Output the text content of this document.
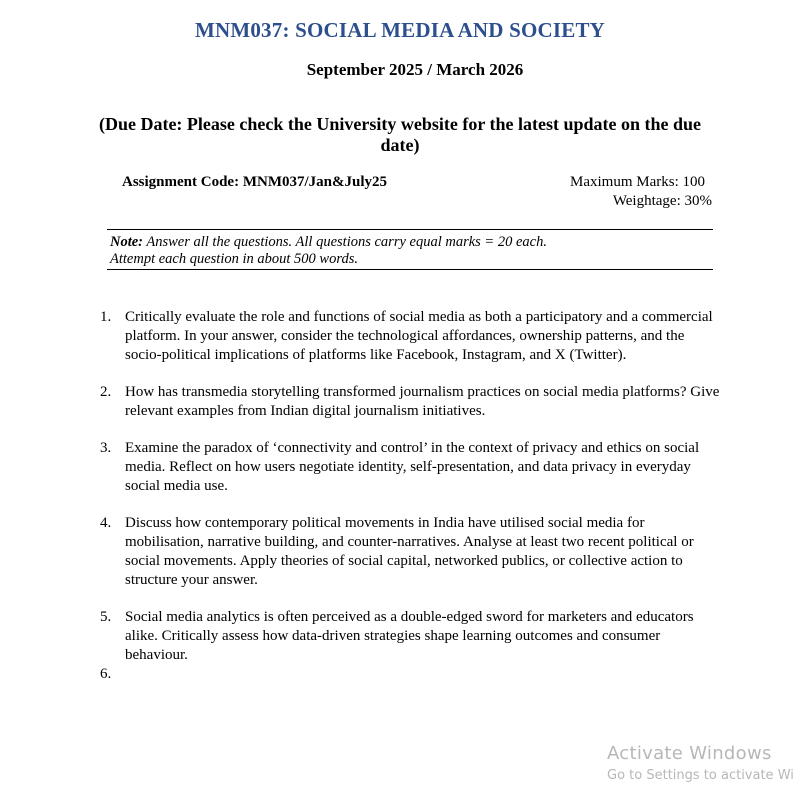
MNM037: SOCIAL MEDIA AND SOCIETY
September 2025 / March 2026
(Due Date: Please check the University website for the latest update on the due date)
Assignment Code: MNM037/Jan&July25	Maximum Marks: 100
Weightage: 30%
Note: Answer all the questions. All questions carry equal marks = 20 each. Attempt each question in about 500 words.
1. Critically evaluate the role and functions of social media as both a participatory and a commercial platform. In your answer, consider the technological affordances, ownership patterns, and the socio-political implications of platforms like Facebook, Instagram, and X (Twitter).
2. How has transmedia storytelling transformed journalism practices on social media platforms? Give relevant examples from Indian digital journalism initiatives.
3. Examine the paradox of ‘connectivity and control’ in the context of privacy and ethics on social media. Reflect on how users negotiate identity, self-presentation, and data privacy in everyday social media use.
4. Discuss how contemporary political movements in India have utilised social media for mobilisation, narrative building, and counter-narratives. Analyse at least two recent political or social movements. Apply theories of social capital, networked publics, or collective action to structure your answer.
5. Social media analytics is often perceived as a double-edged sword for marketers and educators alike. Critically assess how data-driven strategies shape learning outcomes and consumer behaviour.
6.

Activate Windows
Go to Settings to activate Wi
